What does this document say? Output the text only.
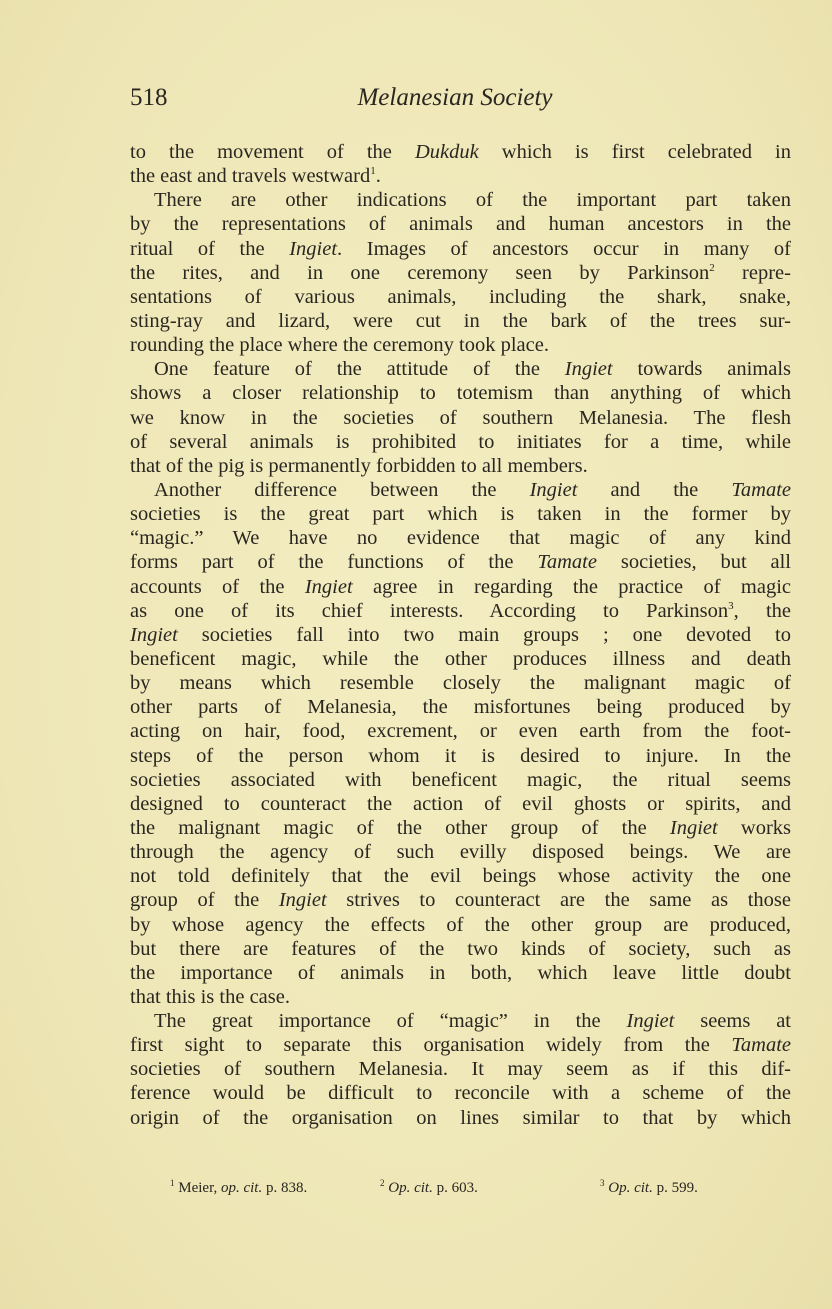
518	Melanesian Society
to the movement of the Dukduk which is first celebrated in
the east and travels westward$^1$.
There are other indications of the important part taken
by the representations of animals and human ancestors in the
ritual of the Ingiet. Images of ancestors occur in many of
the rites, and in one ceremony seen by Parkinson$^2$ repre-
sentations of various animals, including the shark, snake,
sting-ray and lizard, were cut in the bark of the trees sur-
rounding the place where the ceremony took place.
One feature of the attitude of the Ingiet towards animals
shows a closer relationship to totemism than anything of which
we know in the societies of southern Melanesia. The flesh
of several animals is prohibited to initiates for a time, while
that of the pig is permanently forbidden to all members.
Another difference between the Ingiet and the Tamate
societies is the great part which is taken in the former by
“magic.” We have no evidence that magic of any kind
forms part of the functions of the Tamate societies, but all
accounts of the Ingiet agree in regarding the practice of magic
as one of its chief interests. According to Parkinson$^3$, the
Ingiet societies fall into two main groups ; one devoted to
beneficent magic, while the other produces illness and death
by means which resemble closely the malignant magic of
other parts of Melanesia, the misfortunes being produced by
acting on hair, food, excrement, or even earth from the foot-
steps of the person whom it is desired to injure. In the
societies associated with beneficent magic, the ritual seems
designed to counteract the action of evil ghosts or spirits, and
the malignant magic of the other group of the Ingiet works
through the agency of such evilly disposed beings. We are
not told definitely that the evil beings whose activity the one
group of the Ingiet strives to counteract are the same as those
by whose agency the effects of the other group are produced,
but there are features of the two kinds of society, such as
the importance of animals in both, which leave little doubt
that this is the case.
The great importance of “magic” in the Ingiet seems at
first sight to separate this organisation widely from the Tamate
societies of southern Melanesia. It may seem as if this dif-
ference would be difficult to reconcile with a scheme of the
origin of the organisation on lines similar to that by which
$^1$ Meier, op. cit. p. 838.	$^2$ Op. cit. p. 603.	$^3$ Op. cit. p. 599.
